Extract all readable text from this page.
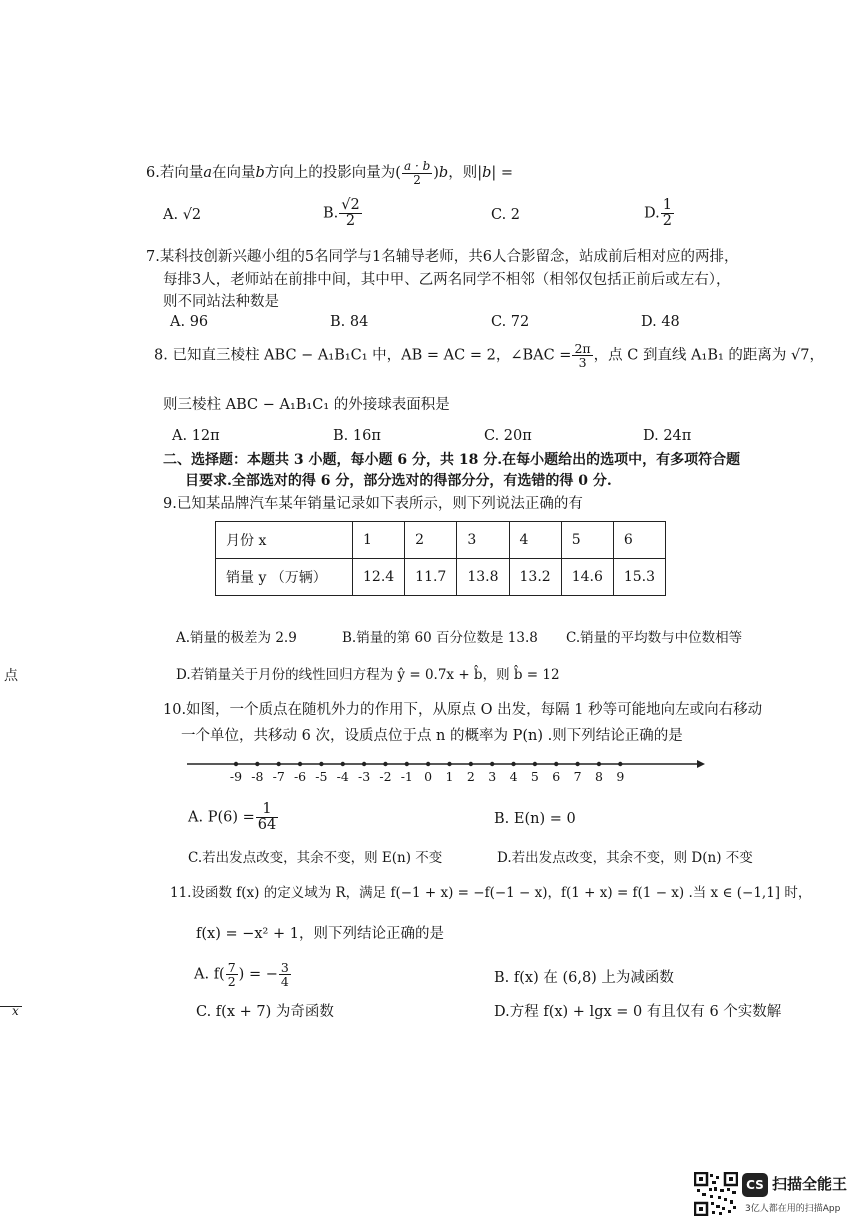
6.若向量a在向量b方向上的投影向量为( $\frac{a \cdot b}{2} )b$，则|b| =
A. √2	B. $\frac{√2}{2}$	C. 2	D. $\frac{1}{2}$
7.某科技创新兴趣小组的5名同学与1名辅导老师，共6人合影留念，站成前后相对应的两排，
每排3人，老师站在前排中间，其中甲、乙两名同学不相邻（相邻仅包括正前后或左右），
则不同站法种数是
A. 96	B. 84	C. 72	D. 48
8. 已知直三棱柱 ABC − A₁B₁C₁ 中，AB = AC = 2，∠BAC = $\frac{2\pi}{3}$ ，点 C 到直线 A₁B₁ 的距离为 √7，
则三棱柱 ABC − A₁B₁C₁ 的外接球表面积是
A. 12π	B. 16π	C. 20π	D. 24π
二、选择题：本题共 3 小题，每小题 6 分，共 18 分.在每小题给出的选项中，有多项符合题
目要求.全部选对的得 6 分，部分选对的得部分分，有选错的得 0 分.
9.已知某品牌汽车某年销量记录如下表所示，则下列说法正确的有
月份 x	1	2	3	4	5	6
销量 y （万辆）	12.4	11.7	13.8	13.2	14.6	15.3
A.销量的极差为 2.9	B.销量的第 60 百分位数是 13.8 C.销量的平均数与中位数相等
D.若销量关于月份的线性回归方程为 ŷ = 0.7x + b̂，则 b̂ = 12
点
10.如图，一个质点在随机外力的作用下，从原点 O 出发，每隔 1 秒等可能地向左或向右移动
一个单位，共移动 6 次，设质点位于点 n 的概率为 P(n) .则下列结论正确的是
-9 -8 -7 -6 -5 -4 -3 -2 -1 0 1 2 3 4 5 6 7 8 9
A. $P(6) = \frac{1}{64}$	B. E(n) = 0
C.若出发点改变，其余不变，则 E(n) 不变	D.若出发点改变，其余不变，则 D(n) 不变
11.设函数 f(x) 的定义域为 R，满足 f(−1 + x) = −f(−1 − x)，f(1 + x) = f(1 − x) .当 x ∈ (−1,1] 时，
f(x) = −x² + 1，则下列结论正确的是
A. $f( \frac{7}{2}$ ) = − $\frac{3}{4}$	B. f(x) 在 (6,8) 上为减函数
C. f(x + 7) 为奇函数	D.方程 f(x) + lgx = 0 有且仅有 6 个实数解
x
CS 扫描全能王
3亿人都在用的扫描App
